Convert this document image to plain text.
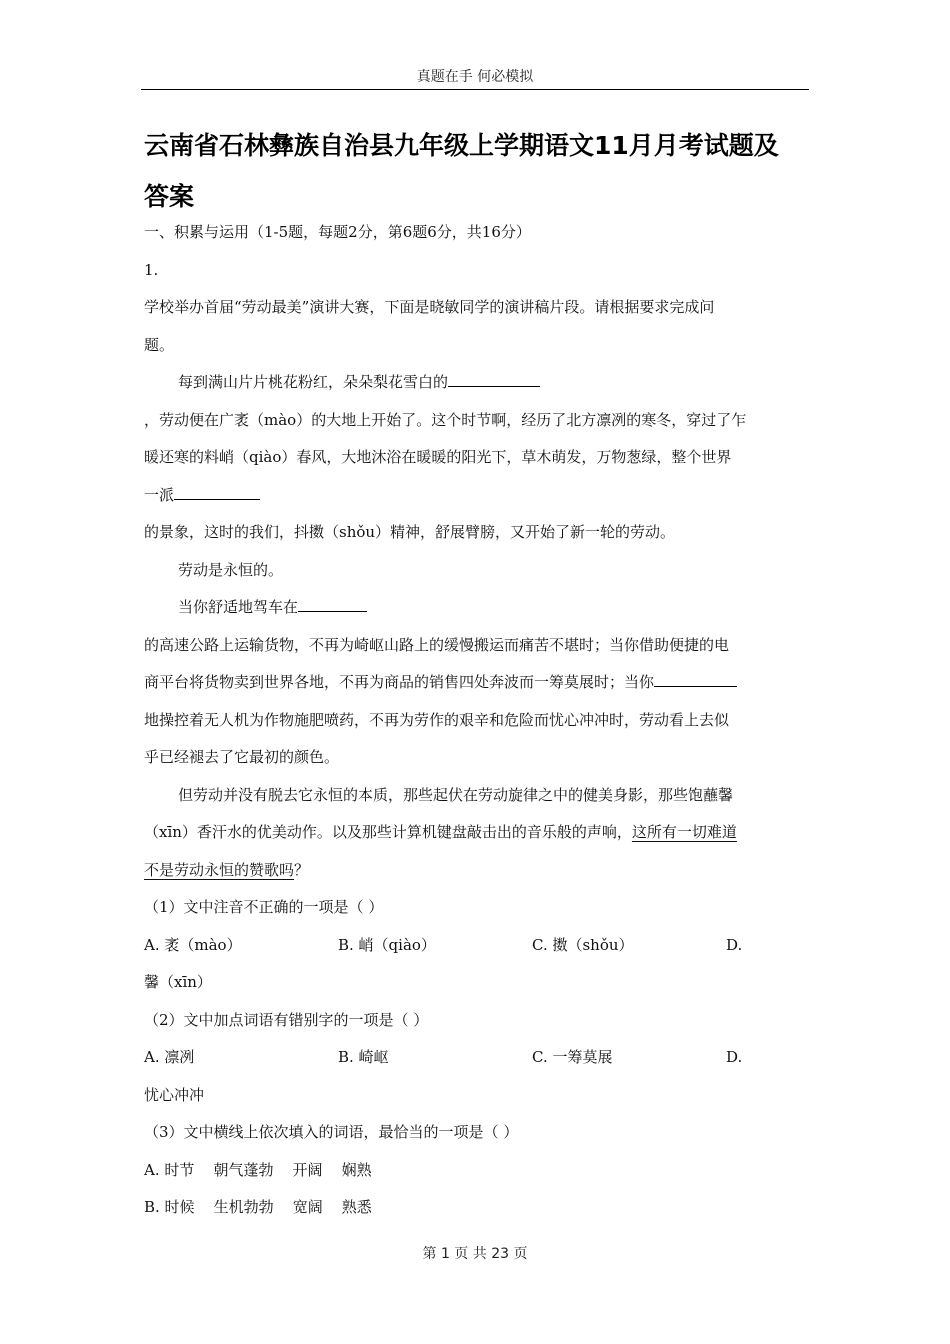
真题在手 何必模拟
云南省石林彝族自治县九年级上学期语文11月月考试题及
答案
一、积累与运用（1-5题，每题2分，第6题6分，共16分）
1.
学校举办首届“劳动最美”演讲大赛，下面是晓敏同学的演讲稿片段。请根据要求完成问
题。
每到满山片片桃花粉红，朵朵梨花雪白的
，劳动便在广袤（mào）的大地上开始了。这个时节啊，经历了北方凛冽的寒冬，穿过了乍
暖还寒的料峭（qiào）春风，大地沐浴在暖暖的阳光下，草木萌发，万物葱绿，整个世界
一派
的景象，这时的我们，抖擞（shǒu）精神，舒展臂膀，又开始了新一轮的劳动。
劳动是永恒的。
当你舒适地驾车在
的高速公路上运输货物，不再为崎岖山路上的缓慢搬运而痛苦不堪时；当你借助便捷的电
商平台将货物卖到世界各地，不再为商品的销售四处奔波而一筹莫展时；当你
地操控着无人机为作物施肥喷药，不再为劳作的艰辛和危险而忧心冲冲时，劳动看上去似
乎已经褪去了它最初的颜色。
但劳动并没有脱去它永恒的本质，那些起伏在劳动旋律之中的健美身影，那些饱蘸馨
（xīn）香汗水的优美动作。以及那些计算机键盘敲击出的音乐般的声响，这所有一切难道
不是劳动永恒的赞歌吗？
（1）文中注音不正确的一项是（ ）
A. 袤（mào）	B. 峭（qiào）	C. 擞（shǒu）	D.
馨（xīn）
（2）文中加点词语有错别字的一项是（ ）
A. 凛冽	B. 崎岖	C. 一筹莫展	D.
忧心冲冲
（3）文中横线上依次填入的词语，最恰当的一项是（ ）
A. 时节    朝气蓬勃    开阔    娴熟
B. 时候    生机勃勃    宽阔    熟悉
第 1 页 共 23 页
